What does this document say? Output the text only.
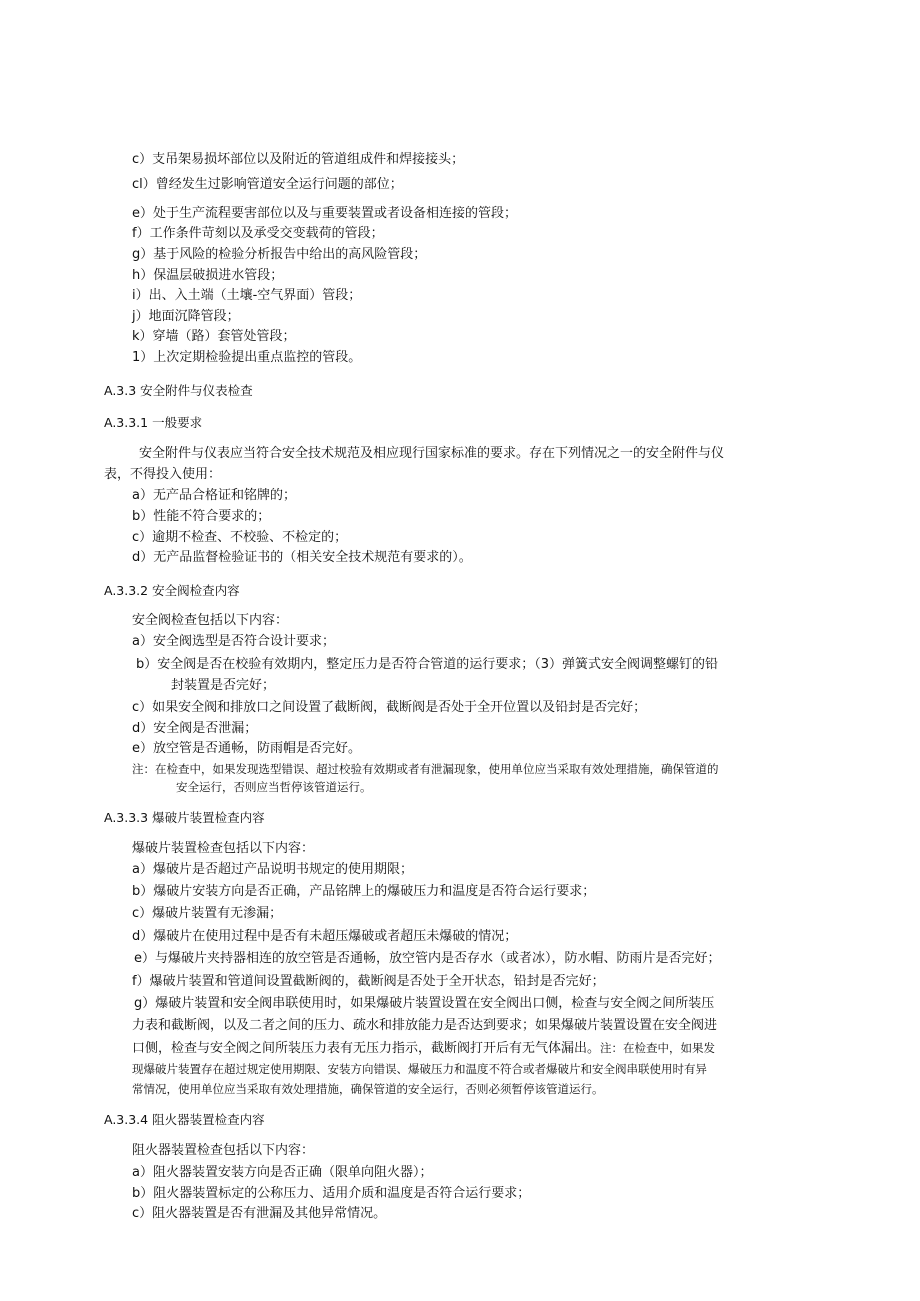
c）支吊架易损坏部位以及附近的管道组成件和焊接接头；
cl）曾经发生过影响管道安全运行问题的部位；
e）处于生产流程要害部位以及与重要装置或者设备相连接的管段；
f）工作条件苛刻以及承受交变载荷的管段；
g）基于风险的检验分析报告中给出的高风险管段；
h）保温层破损进水管段；
i）出、入土端（土壤-空气界面）管段；
j）地面沉降管段；
k）穿墙（路）套管处管段；
1）上次定期检验提出重点监控的管段。
A.3.3 安全附件与仪表检查
A.3.3.1 一般要求
安全附件与仪表应当符合安全技术规范及相应现行国家标准的要求。存在下列情况之一的安全附件与仪
表，不得投入使用：
a）无产品合格证和铭牌的；
b）性能不符合要求的；
c）逾期不检查、不校验、不检定的；
d）无产品监督检验证书的（相关安全技术规范有要求的）。
A.3.3.2 安全阀检查内容
安全阀检查包括以下内容：
a）安全阀选型是否符合设计要求；
b）安全阀是否在校验有效期内，整定压力是否符合管道的运行要求；（3）弹簧式安全阀调整螺钉的铅
封装置是否完好；
c）如果安全阀和排放口之间设置了截断阀，截断阀是否处于全开位置以及铅封是否完好；
d）安全阀是否泄漏；
e）放空管是否通畅，防雨帽是否完好。
注：在检查中，如果发现选型错误、超过校验有效期或者有泄漏现象，使用单位应当采取有效处理措施，确保管道的
安全运行，否则应当哲停该管道运行。
A.3.3.3 爆破片装置检查内容
爆破片装置检查包括以下内容：
a）爆破片是否超过产品说明书规定的使用期限；
b）爆破片安装方向是否正确，产品铭牌上的爆破压力和温度是否符合运行要求；
c）爆破片装置有无渗漏；
d）爆破片在使用过程中是否有未超压爆破或者超压未爆破的情况；
e）与爆破片夹持器相连的放空管是否通畅，放空管内是否存水（或者冰），防水帽、防雨片是否完好；
f）爆破片装置和管道间设置截断阀的，截断阀是否处于全开状态，铅封是否完好；
g）爆破片装置和安全阀串联使用时，如果爆破片装置设置在安全阀出口侧，检查与安全阀之间所装压
力表和截断阀，以及二者之间的压力、疏水和排放能力是否达到要求；如果爆破片装置设置在安全阀进
口侧，检查与安全阀之间所装压力表有无压力指示，截断阀打开后有无气体漏出。注：在检查中，如果发
现爆破片装置存在超过规定使用期限、安装方向错误、爆破压力和温度不符合或者爆破片和安全阀串联使用时有异
常情况，使用单位应当采取有效处理措施，确保管道的安全运行，否则必须暂停该管道运行。
A.3.3.4 阻火器装置检查内容
阻火器装置检查包括以下内容：
a）阻火器装置安装方向是否正确（限单向阻火器）；
b）阻火器装置标定的公称压力、适用介质和温度是否符合运行要求；
c）阻火器装置是否有泄漏及其他异常情况。
